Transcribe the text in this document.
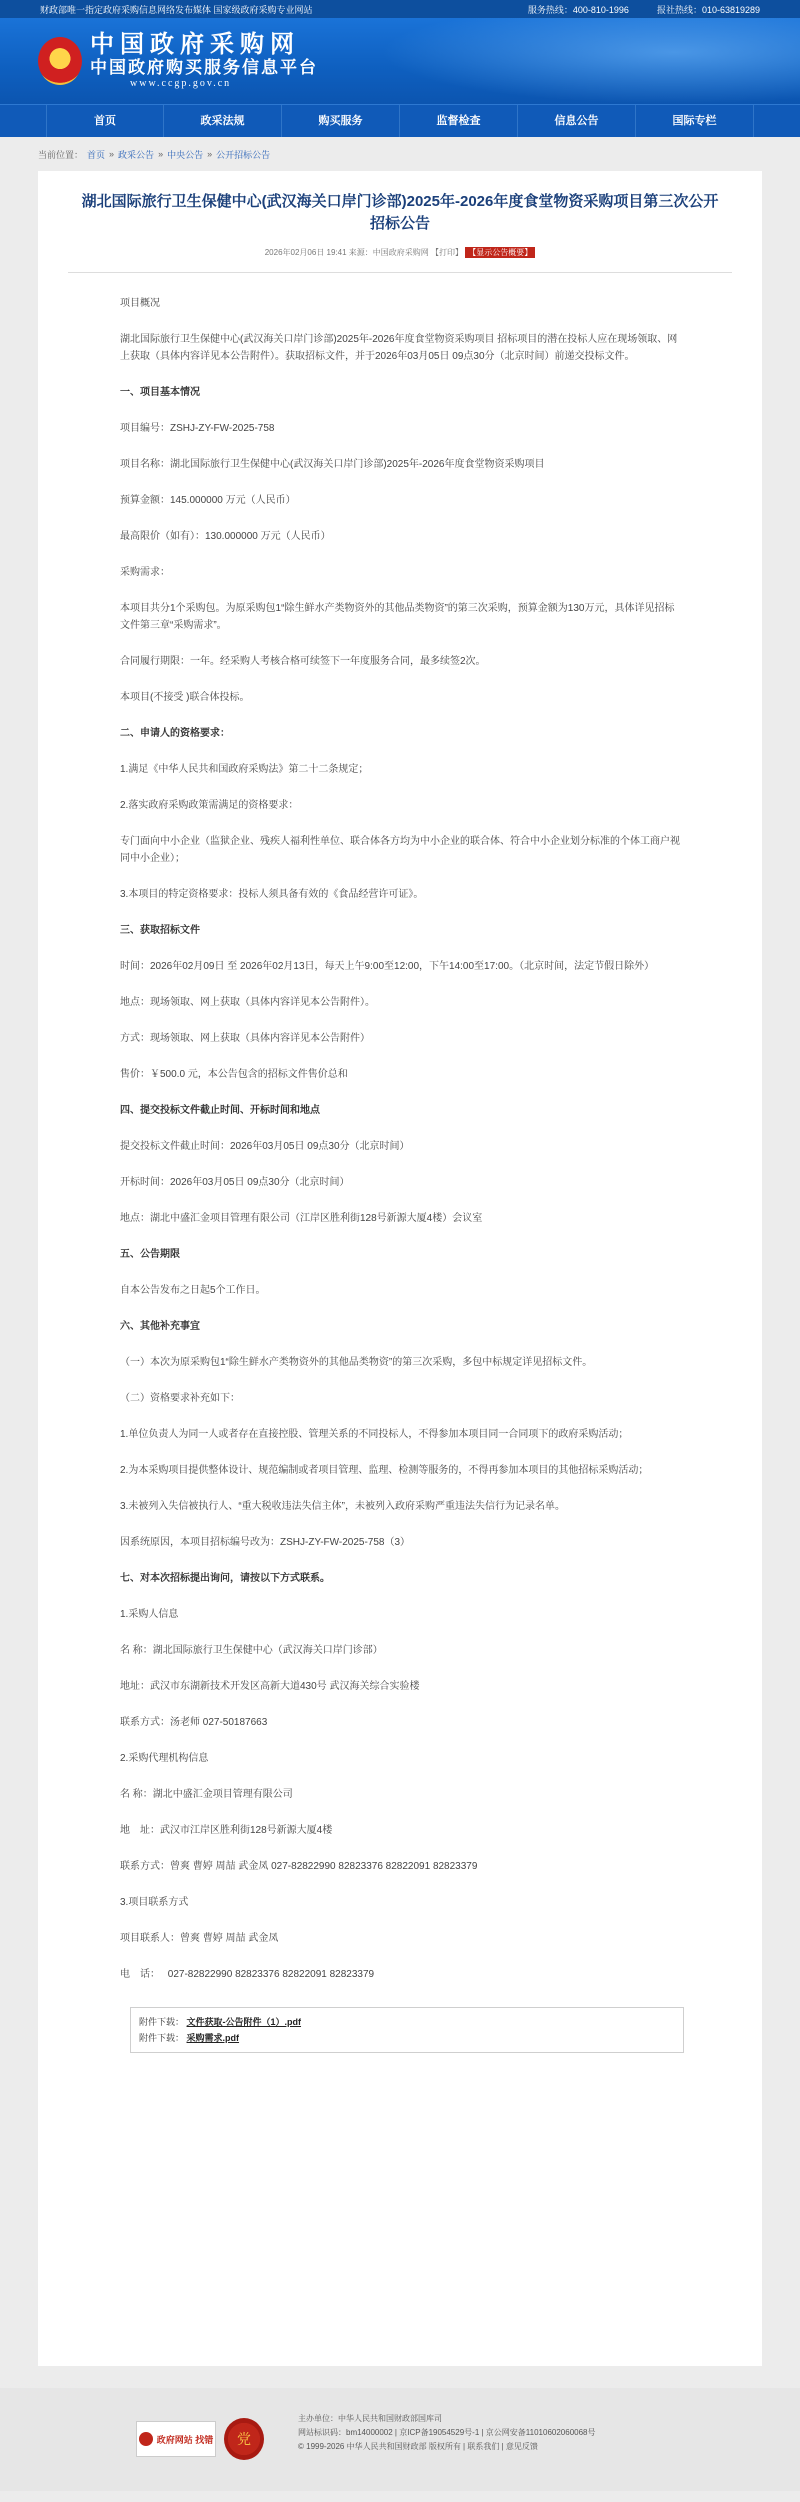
财政部唯一指定政府采购信息网络发布媒体 国家级政府采购专业网站	服务热线：400-810-1996	报社热线：010-63819289
★
中国政府采购网
中国政府购买服务信息平台
www.ccgp.gov.cn
首页	政采法规	购买服务	监督检查	信息公告	国际专栏
当前位置： 首页 » 政采公告 » 中央公告 » 公开招标公告
湖北国际旅行卫生保健中心(武汉海关口岸门诊部)2025年-2026年度食堂物资采购项目第三次公开招标公告
2026年02月06日 19:41 来源：中国政府采购网 【打印】 【显示公告概要】
项目概况
湖北国际旅行卫生保健中心(武汉海关口岸门诊部)2025年-2026年度食堂物资采购项目 招标项目的潜在投标人应在现场领取、网上获取（具体内容详见本公告附件）。获取招标文件，并于2026年03月05日 09点30分（北京时间）前递交投标文件。
一、项目基本情况
项目编号：ZSHJ-ZY-FW-2025-758
项目名称：湖北国际旅行卫生保健中心(武汉海关口岸门诊部)2025年-2026年度食堂物资采购项目
预算金额：145.000000 万元（人民币）
最高限价（如有）：130.000000 万元（人民币）
采购需求：
本项目共分1个采购包。为原采购包1“除生鲜水产类物资外的其他品类物资”的第三次采购，预算金额为130万元，具体详见招标文件第三章“采购需求”。
合同履行期限：一年。经采购人考核合格可续签下一年度服务合同，最多续签2次。
本项目(不接受 )联合体投标。
二、申请人的资格要求：
1.满足《中华人民共和国政府采购法》第二十二条规定；
2.落实政府采购政策需满足的资格要求：
专门面向中小企业（监狱企业、残疾人福利性单位、联合体各方均为中小企业的联合体、符合中小企业划分标准的个体工商户视同中小企业）；
3.本项目的特定资格要求：投标人须具备有效的《食品经营许可证》。
三、获取招标文件
时间：2026年02月09日 至 2026年02月13日，每天上午9:00至12:00，下午14:00至17:00。（北京时间，法定节假日除外）
地点：现场领取、网上获取（具体内容详见本公告附件）。
方式：现场领取、网上获取（具体内容详见本公告附件）
售价：￥500.0 元，本公告包含的招标文件售价总和
四、提交投标文件截止时间、开标时间和地点
提交投标文件截止时间：2026年03月05日 09点30分（北京时间）
开标时间：2026年03月05日 09点30分（北京时间）
地点：湖北中盛汇金项目管理有限公司（江岸区胜利街128号新源大厦4楼）会议室
五、公告期限
自本公告发布之日起5个工作日。
六、其他补充事宜
（一）本次为原采购包1“除生鲜水产类物资外的其他品类物资”的第三次采购，多包中标规定详见招标文件。
（二）资格要求补充如下：
1.单位负责人为同一人或者存在直接控股、管理关系的不同投标人，不得参加本项目同一合同项下的政府采购活动；
2.为本采购项目提供整体设计、规范编制或者项目管理、监理、检测等服务的，不得再参加本项目的其他招标采购活动；
3.未被列入失信被执行人、“重大税收违法失信主体”，未被列入政府采购严重违法失信行为记录名单。
因系统原因，本项目招标编号改为：ZSHJ-ZY-FW-2025-758（3）
七、对本次招标提出询问，请按以下方式联系。
1.采购人信息
名 称：湖北国际旅行卫生保健中心（武汉海关口岸门诊部）
地址：武汉市东湖新技术开发区高新大道430号 武汉海关综合实验楼
联系方式：汤老师 027-50187663
2.采购代理机构信息
名 称：湖北中盛汇金项目管理有限公司
地　址：武汉市江岸区胜利街128号新源大厦4楼
联系方式：曾爽 曹婷 周喆 武金凤 027-82822990 82823376 82822091 82823379
3.项目联系方式
项目联系人：曾爽 曹婷 周喆 武金凤
电　话：　 027-82822990 82823376 82822091 82823379
附件下载： 文件获取-公告附件（1）.pdf
附件下载： 采购需求.pdf
政府网站 找错	党
主办单位：中华人民共和国财政部国库司
网站标识码：bm14000002 | 京ICP备19054529号-1 | 京公网安备11010602060068号
© 1999-2026 中华人民共和国财政部 版权所有 | 联系我们 | 意见反馈
